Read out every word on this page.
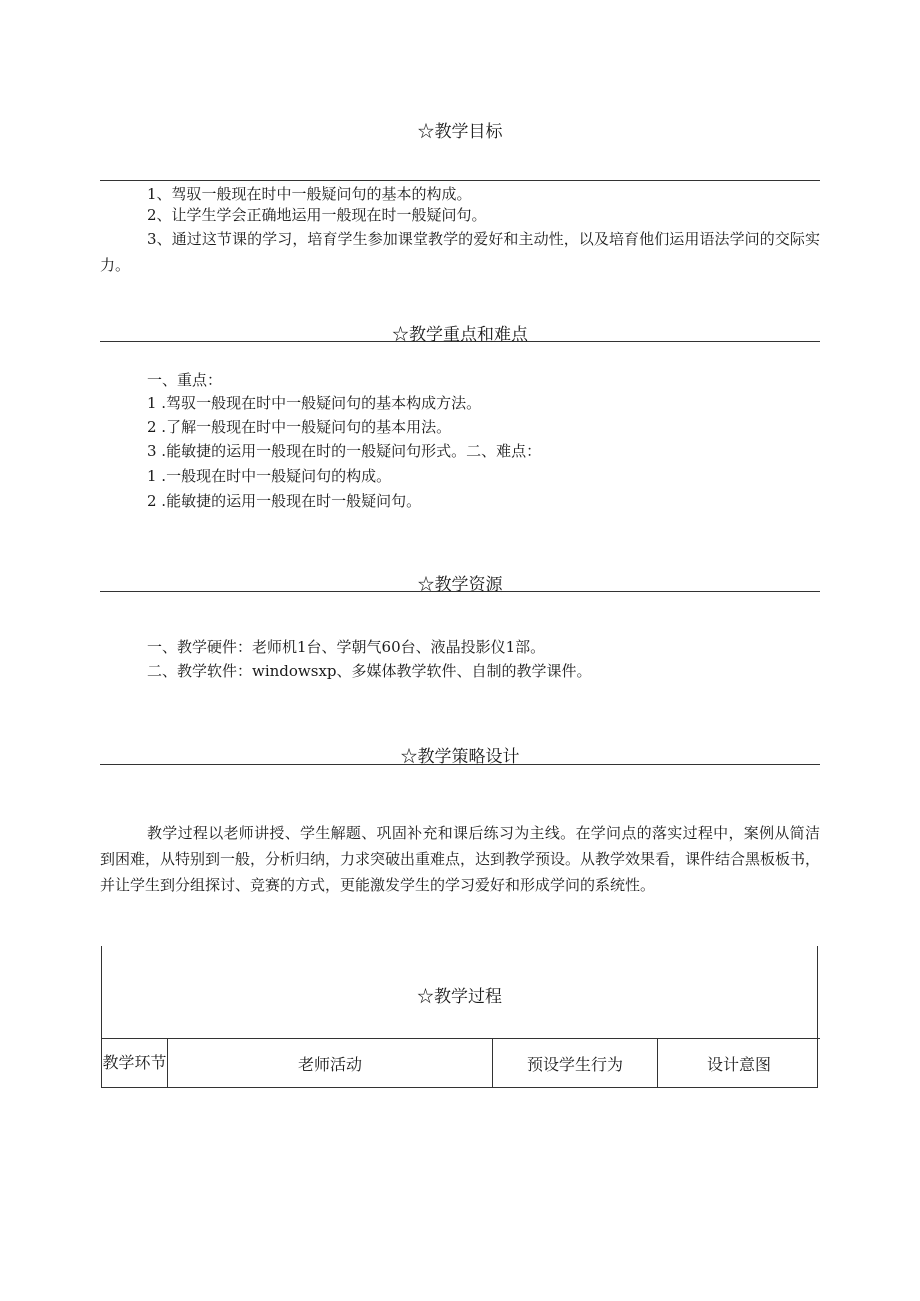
☆教学目标
1、驾驭一般现在时中一般疑问句的基本的构成。
2、让学生学会正确地运用一般现在时一般疑问句。
3、通过这节课的学习，培育学生参加课堂教学的爱好和主动性，以及培育他们运用语法学问的交际实力。
☆教学重点和难点
一、重点：
1 .驾驭一般现在时中一般疑问句的基本构成方法。
2 .了解一般现在时中一般疑问句的基本用法。
3 .能敏捷的运用一般现在时的一般疑问句形式。二、难点：
1 .一般现在时中一般疑问句的构成。
2 .能敏捷的运用一般现在时一般疑问句。
☆教学资源
一、教学硬件：老师机1台、学朝气60台、液晶投影仪1部。
二、教学软件：windowsxp、多媒体教学软件、自制的教学课件。
☆教学策略设计
教学过程以老师讲授、学生解题、巩固补充和课后练习为主线。在学问点的落实过程中，案例从简洁到困难，从特别到一般，分析归纳，力求突破出重难点，达到教学预设。从教学效果看，课件结合黑板板书，并让学生到分组探讨、竞赛的方式，更能激发学生的学习爱好和形成学问的系统性。
☆教学过程
教学环节	老师活动	预设学生行为	设计意图
